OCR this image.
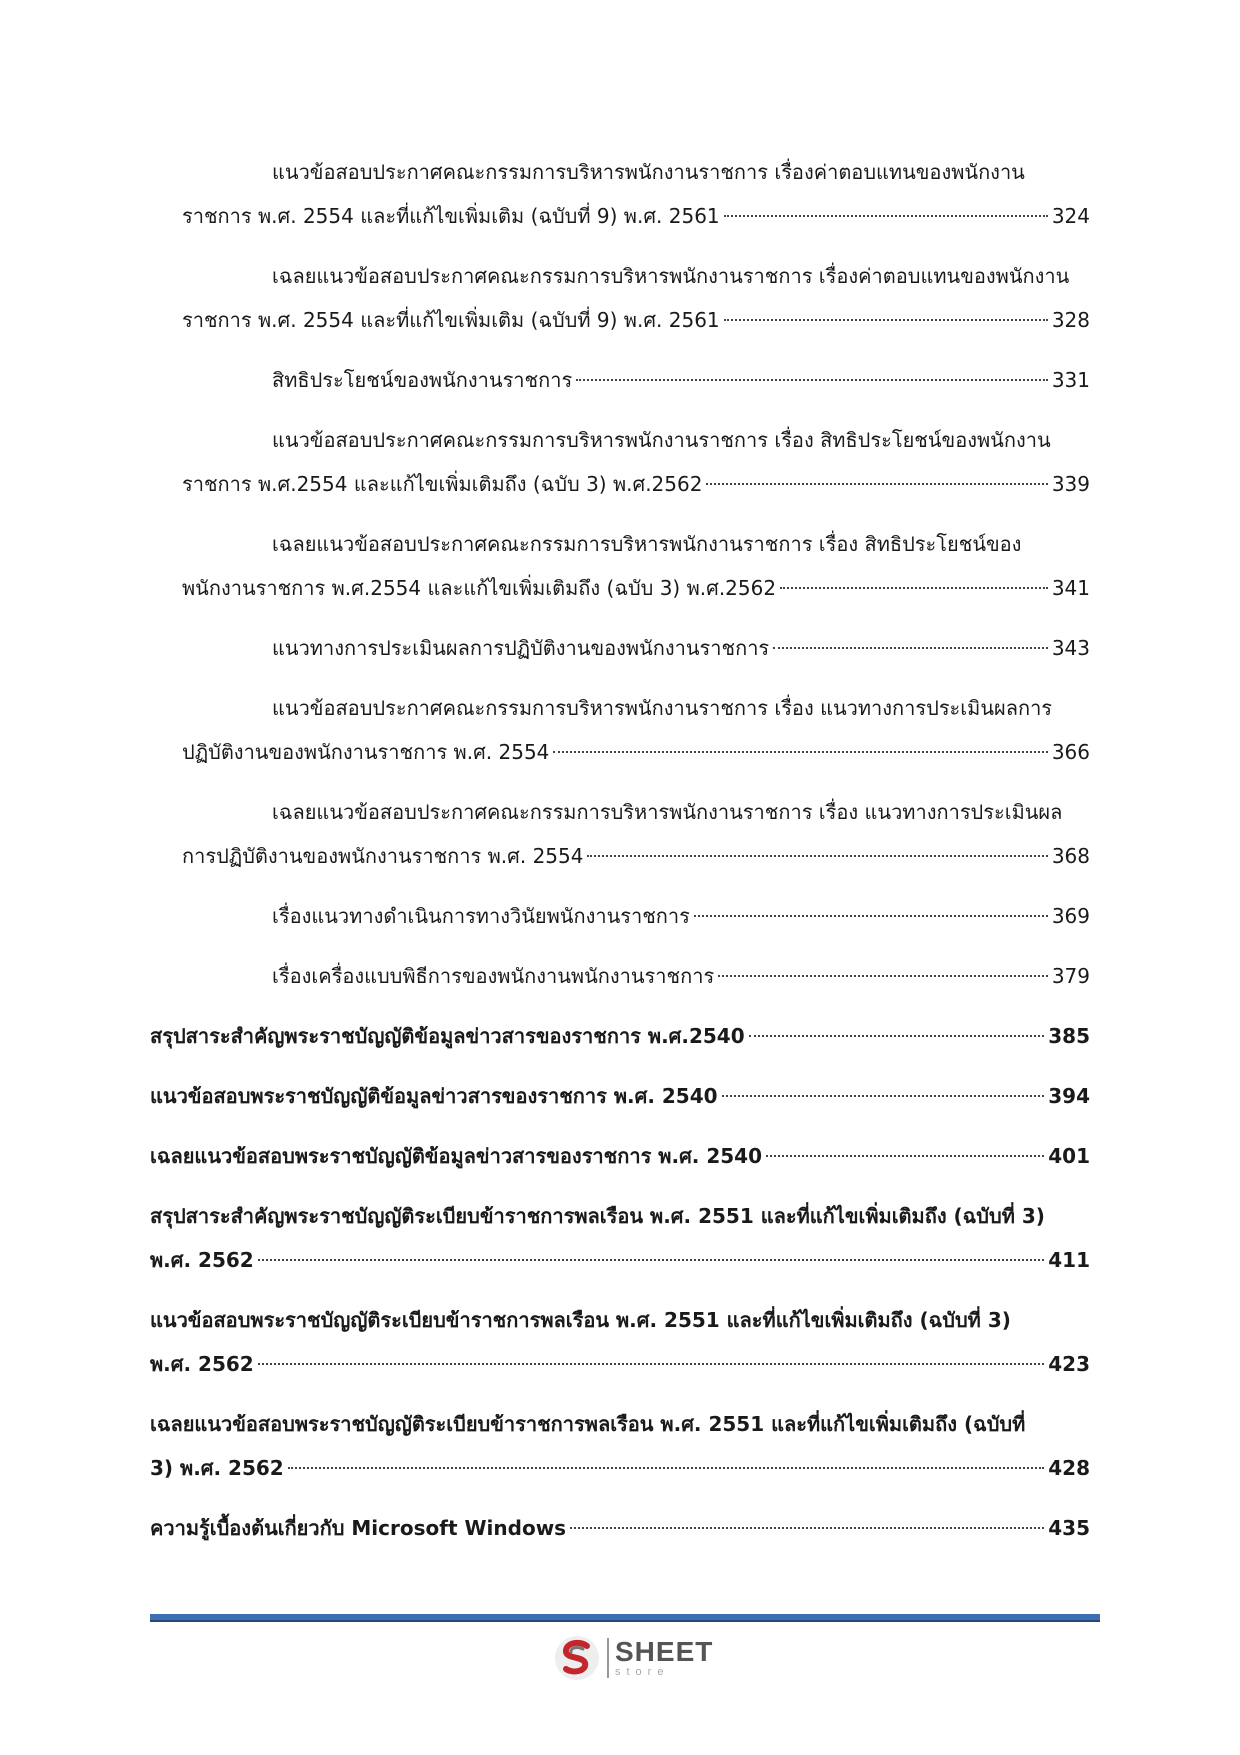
แนวข้อสอบประกาศคณะกรรมการบริหารพนักงานราชการ เรื่องค่าตอบแทนของพนักงาน
ราชการ พ.ศ. 2554 และที่แก้ไขเพิ่มเติม (ฉบับที่ 9) พ.ศ. 2561	324
เฉลยแนวข้อสอบประกาศคณะกรรมการบริหารพนักงานราชการ เรื่องค่าตอบแทนของพนักงาน
ราชการ พ.ศ. 2554 และที่แก้ไขเพิ่มเติม (ฉบับที่ 9) พ.ศ. 2561	328
สิทธิประโยชน์ของพนักงานราชการ	331
แนวข้อสอบประกาศคณะกรรมการบริหารพนักงานราชการ เรื่อง สิทธิประโยชน์ของพนักงาน
ราชการ พ.ศ.2554 และแก้ไขเพิ่มเติมถึง (ฉบับ 3) พ.ศ.2562	339
เฉลยแนวข้อสอบประกาศคณะกรรมการบริหารพนักงานราชการ เรื่อง สิทธิประโยชน์ของ
พนักงานราชการ พ.ศ.2554 และแก้ไขเพิ่มเติมถึง (ฉบับ 3) พ.ศ.2562	341
แนวทางการประเมินผลการปฏิบัติงานของพนักงานราชการ	343
แนวข้อสอบประกาศคณะกรรมการบริหารพนักงานราชการ เรื่อง แนวทางการประเมินผลการ
ปฏิบัติงานของพนักงานราชการ พ.ศ. 2554	366
เฉลยแนวข้อสอบประกาศคณะกรรมการบริหารพนักงานราชการ เรื่อง แนวทางการประเมินผล
การปฏิบัติงานของพนักงานราชการ พ.ศ. 2554	368
เรื่องแนวทางดำเนินการทางวินัยพนักงานราชการ	369
เรื่องเครื่องแบบพิธีการของพนักงานพนักงานราชการ	379
สรุปสาระสำคัญพระราชบัญญัติข้อมูลข่าวสารของราชการ พ.ศ.2540	385
แนวข้อสอบพระราชบัญญัติข้อมูลข่าวสารของราชการ พ.ศ. 2540	394
เฉลยแนวข้อสอบพระราชบัญญัติข้อมูลข่าวสารของราชการ พ.ศ. 2540	401
สรุปสาระสำคัญพระราชบัญญัติระเบียบข้าราชการพลเรือน พ.ศ. 2551 และที่แก้ไขเพิ่มเติมถึง (ฉบับที่ 3)
พ.ศ. 2562	411
แนวข้อสอบพระราชบัญญัติระเบียบข้าราชการพลเรือน พ.ศ. 2551 และที่แก้ไขเพิ่มเติมถึง (ฉบับที่ 3)
พ.ศ. 2562	423
เฉลยแนวข้อสอบพระราชบัญญัติระเบียบข้าราชการพลเรือน พ.ศ. 2551 และที่แก้ไขเพิ่มเติมถึง (ฉบับที่
3) พ.ศ. 2562	428
ความรู้เบื้องต้นเกี่ยวกับ Microsoft Windows	435
SHEET
store
